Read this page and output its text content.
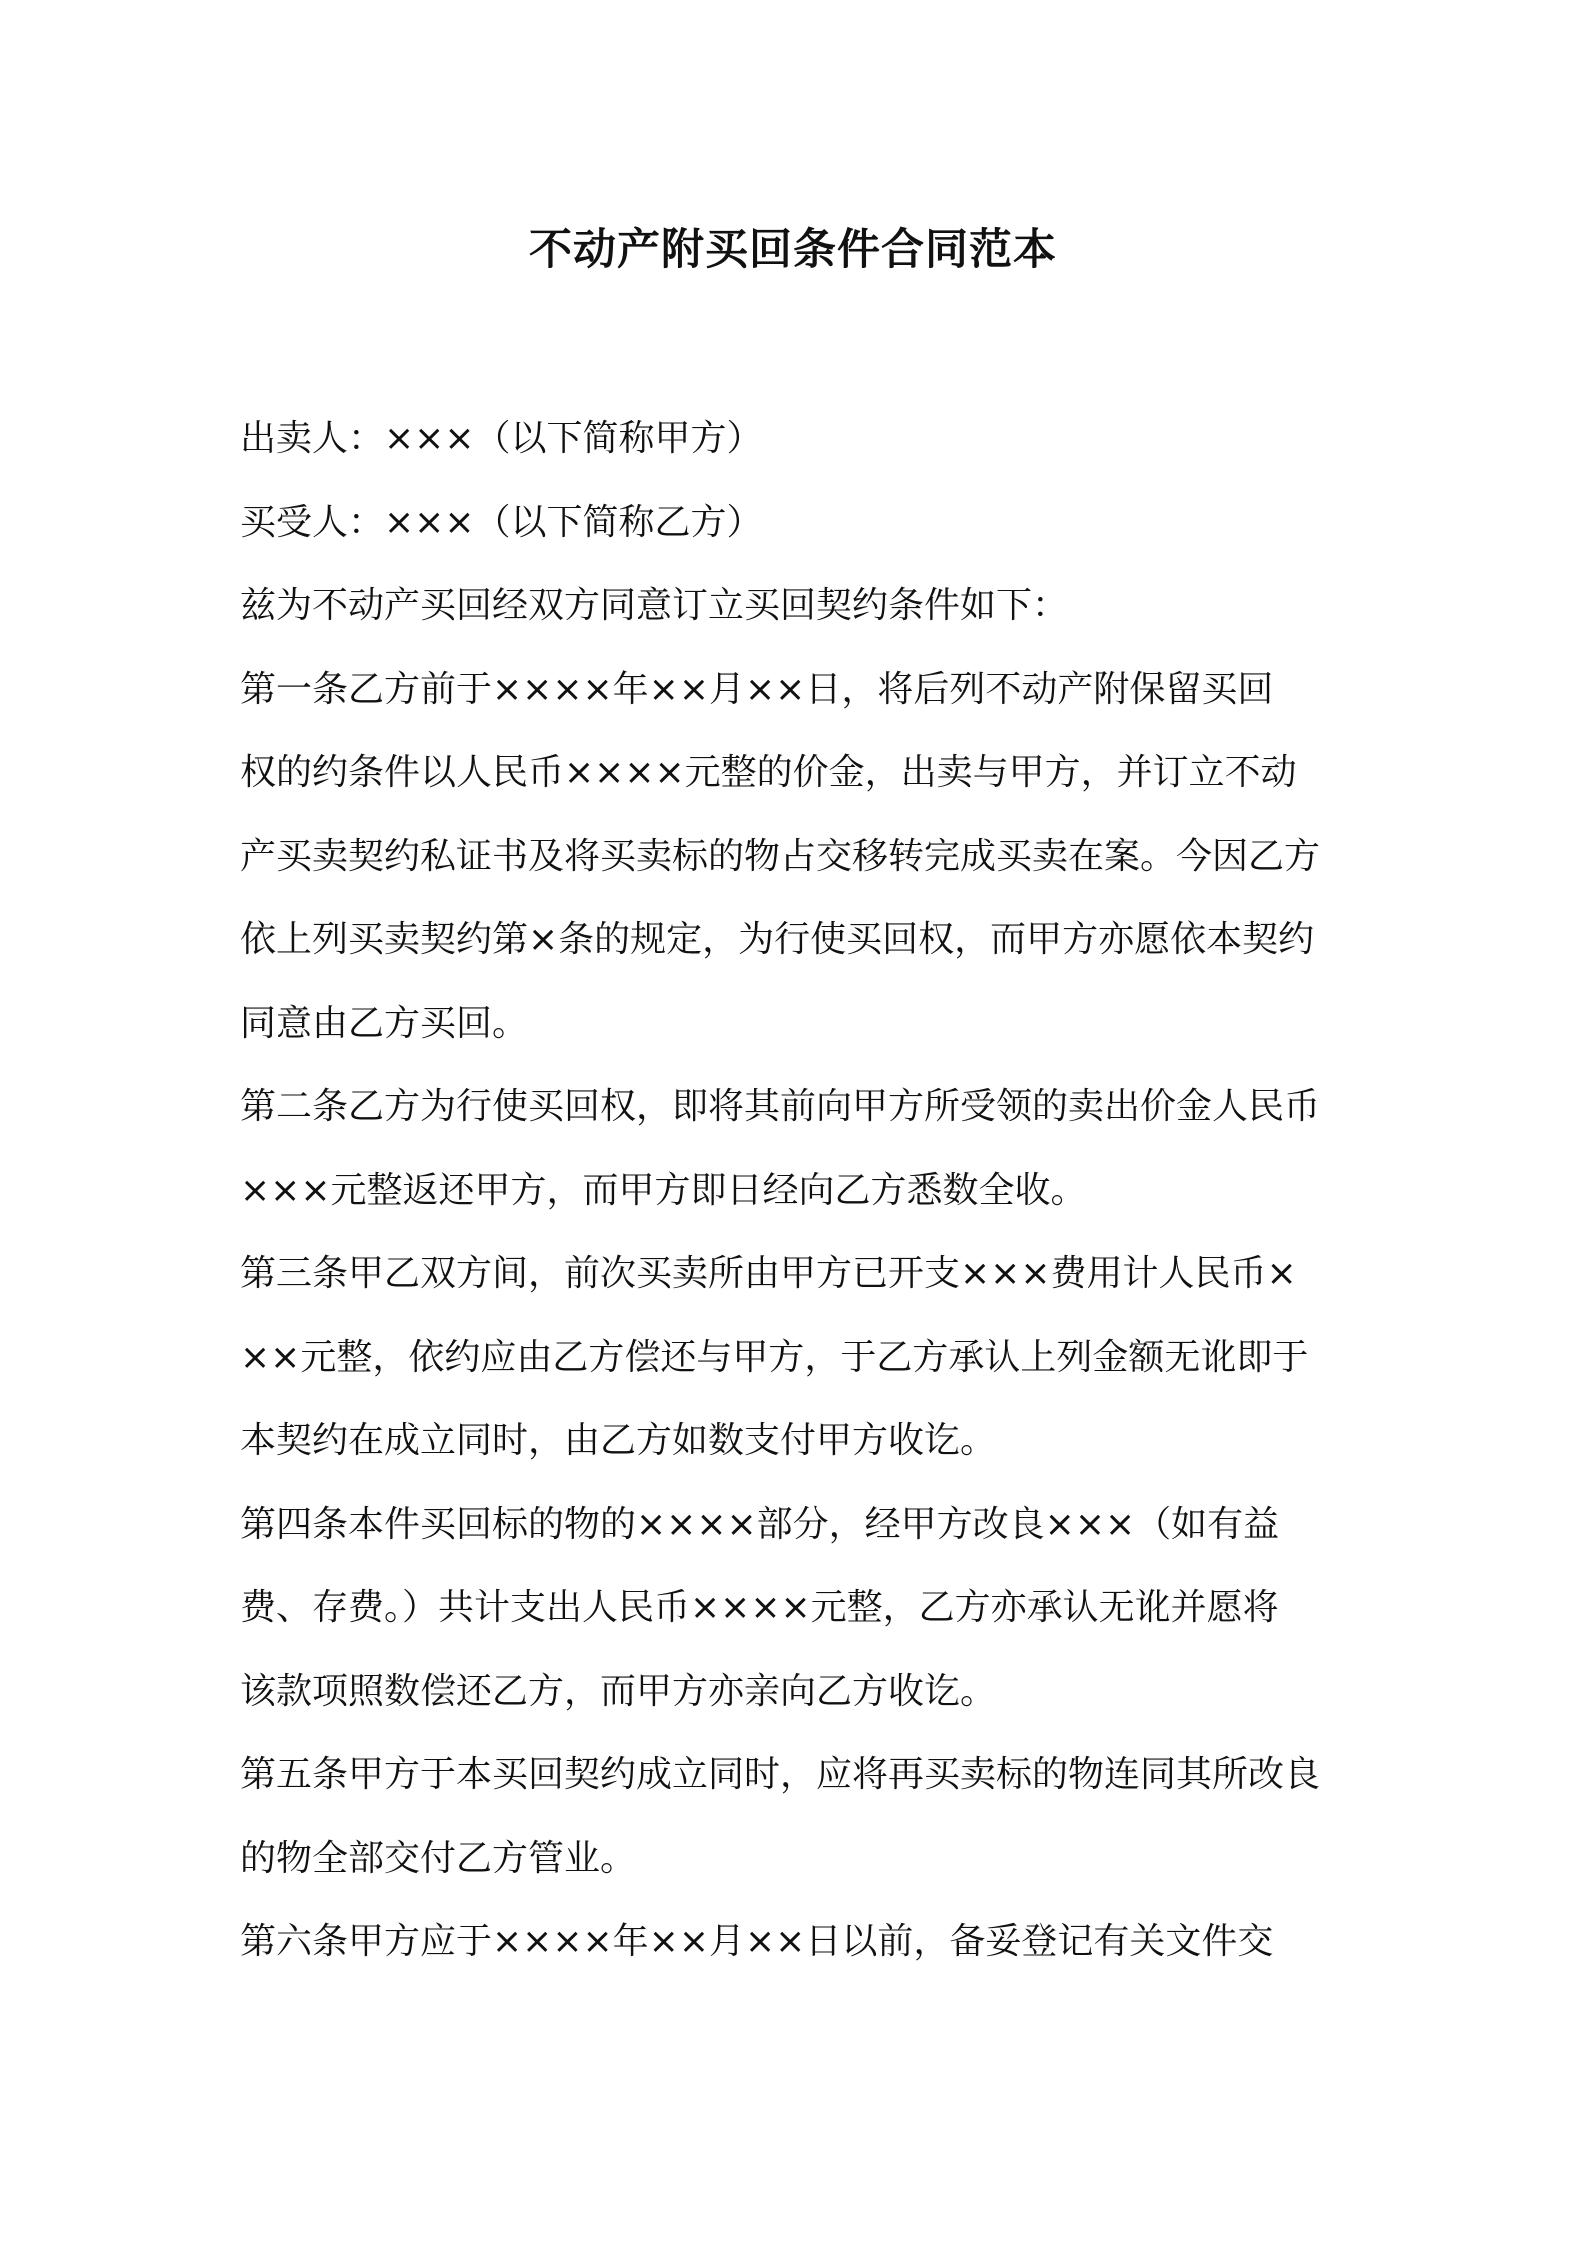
不动产附买回条件合同范本
出卖人：×××（以下简称甲方）
买受人：×××（以下简称乙方）
兹为不动产买回经双方同意订立买回契约条件如下：
第一条乙方前于××××年××月××日，将后列不动产附保留买回
权的约条件以人民币××××元整的价金，出卖与甲方，并订立不动
产买卖契约私证书及将买卖标的物占交移转完成买卖在案。今因乙方
依上列买卖契约第×条的规定，为行使买回权，而甲方亦愿依本契约
同意由乙方买回。
第二条乙方为行使买回权，即将其前向甲方所受领的卖出价金人民币
×××元整返还甲方，而甲方即日经向乙方悉数全收。
第三条甲乙双方间，前次买卖所由甲方已开支×××费用计人民币×
××元整，依约应由乙方偿还与甲方，于乙方承认上列金额无讹即于
本契约在成立同时，由乙方如数支付甲方收讫。
第四条本件买回标的物的××××部分，经甲方改良×××（如有益
费、存费。）共计支出人民币××××元整，乙方亦承认无讹并愿将
该款项照数偿还乙方，而甲方亦亲向乙方收讫。
第五条甲方于本买回契约成立同时，应将再买卖标的物连同其所改良
的物全部交付乙方管业。
第六条甲方应于××××年××月××日以前，备妥登记有关文件交
